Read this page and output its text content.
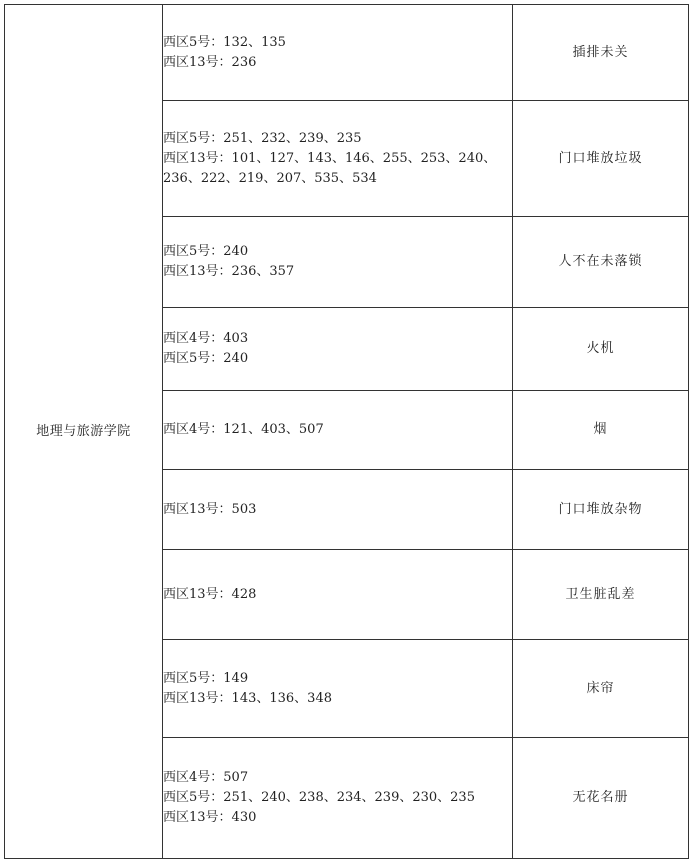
地理与旅游学院	西区5号：132、135
西区13号：236	插排未关

	西区5号：251、232、239、235
西区13号：101、127、143、146、255、253、240、236、222、219、207、535、534	门口堆放垃圾

	西区5号：240
西区13号：236、357	人不在未落锁

	西区4号：403
西区5号：240	火机

	西区4号：121、403、507	烟

	西区13号：503	门口堆放杂物

	西区13号：428	卫生脏乱差

	西区5号：149
西区13号：143、136、348	床帘

	西区4号：507
西区5号：251、240、238、234、239、230、235
西区13号：430	无花名册
